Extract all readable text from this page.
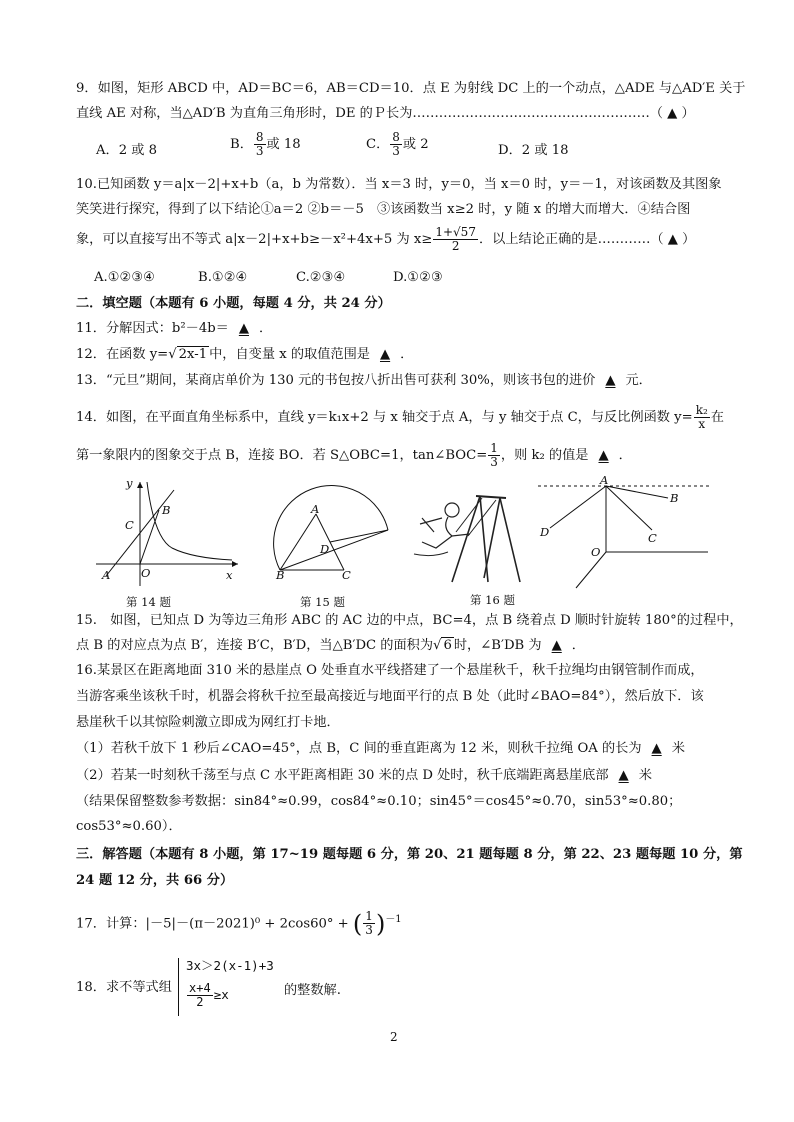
9．如图，矩形 ABCD 中，AD＝BC＝6，AB＝CD＝10．点 E 为射线 DC 上的一个动点，△ADE 与△AD′E 关于
直线 AE 对称，当△AD′B 为直角三角形时，DE 的Ｐ长为………………………………………………（ ▲ ）
A．2 或 8	B． $\frac{8}{3}$ 或 18	C． $\frac{8}{3}$ 或 2	D．2 或 18
10.已知函数 y＝a|x－2|+x+b（a，b 为常数）．当 x＝3 时，y＝0，当 x＝0 时，y＝－1，对该函数及其图象
笑笑进行探究，得到了以下结论①a＝2 ②b＝－5　③该函数当 x≥2 时，y 随 x 的增大而增大．④结合图
象，可以直接写出不等式 a|x－2|+x+b≥－x²+4x+5 为 $x\ge \frac{1+√57}{2}$ ．以上结论正确的是…………（ ▲ ）
A.①②③④	B.①②④	C.②③④	D.①②③
二．填空题（本题有 6 小题，每题 4 分，共 24 分）
11．分解因式：b²－4b＝ ▲ ．
12．在函数 y=√ 2x-1 中，自变量 x 的取值范围是 ▲ ．
13．“元旦”期间，某商店单价为 130 元的书包按八折出售可获利 30%，则该书包的进价 ▲ 元．
14．如图，在平面直角坐标系中，直线 y＝k₁x+2 与 x 轴交于点 A，与 y 轴交于点 C，与反比例函数 $y= \frac{\text{k₂}}{x}$ 在
第一象限内的图象交于点 B，连接 BO．若 S△OBC=1，tan∠BOC= $\frac{1}{3}$ ，则 k₂ 的值是 ▲ ．
y
x
B
C
A	O
第 14 题
A
D
B	C
第 15 题
A
B
D	C
O
第 16 题
15.　如图，已知点 D 为等边三角形 ABC 的 AC 边的中点，BC=4，点 B 绕着点 D 顺时针旋转 180°的过程中，
点 B 的对应点为点 B′，连接 B′C，B′D，当△B′DC 的面积为√ 6 时，∠B′DB 为 ▲ ．
16.某景区在距离地面 310 米的悬崖点 O 处垂直水平线搭建了一个悬崖秋千，秋千拉绳均由钢管制作而成，
当游客乘坐该秋千时，机器会将秋千拉至最高接近与地面平行的点 B 处（此时∠BAO=84°），然后放下．该
悬崖秋千以其惊险刺激立即成为网红打卡地．
（1）若秋千放下 1 秒后∠CAO=45°，点 B，C 间的垂直距离为 12 米，则秋千拉绳 OA 的长为 ▲ 米
（2）若某一时刻秋千荡至与点 C 水平距离相距 30 米的点 D 处时，秋千底端距离悬崖底部 ▲ 米
（结果保留整数参考数据：sin84°≈0.99，cos84°≈0.10；sin45°＝cos45°≈0.70，sin53°≈0.80；
cos53°≈0.60）．
三．解答题（本题有 8 小题，第 17~19 题每题 6 分，第 20、21 题每题 8 分，第 22、23 题每题 10 分，第
24 题 12 分，共 66 分）
17．计算：|－5|－(π－2021)⁰ + 2cos60° + ( $\frac{1}{3} )^{-1}$
18．求不等式组
3x＞2(x-1)+3
$\frac{x+4}{2} \ge x$	的整数解.
2
